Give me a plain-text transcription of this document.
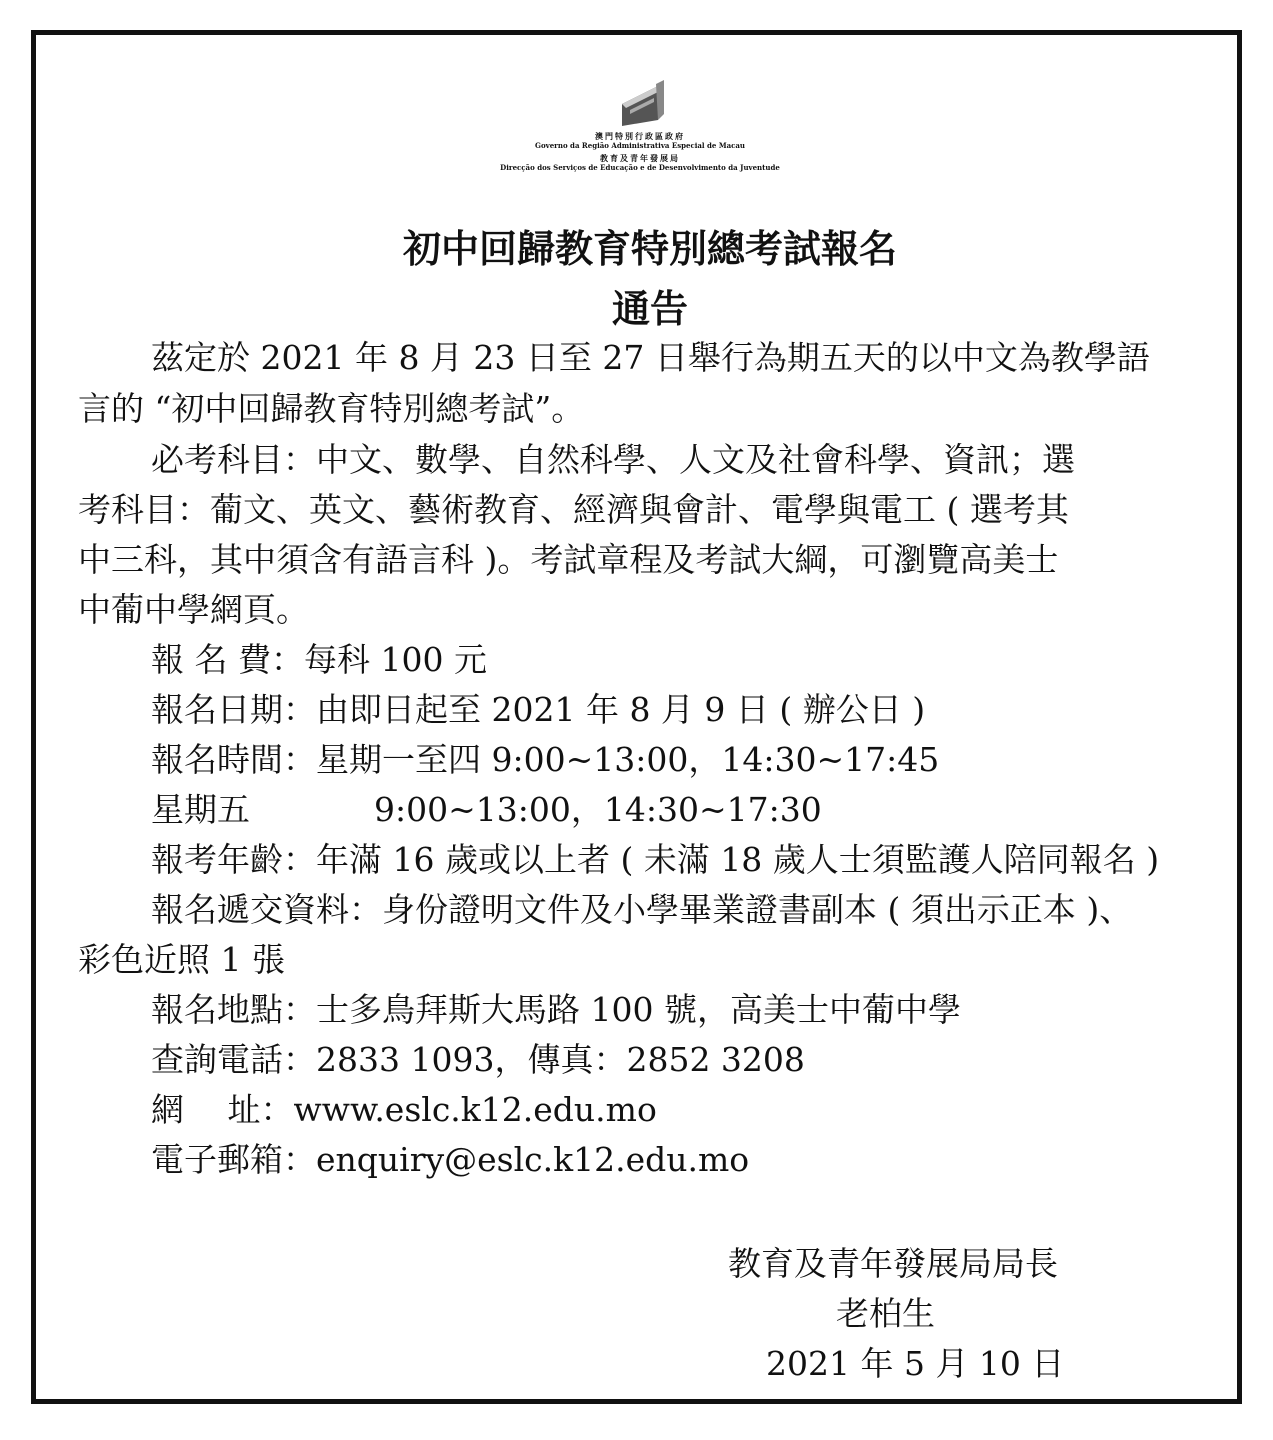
澳門特別行政區政府
Governo da Região Administrativa Especial de Macau
教育及青年發展局
Direcção dos Serviços de Educação e de Desenvolvimento da Juventude
初中回歸教育特別總考試報名
通告
茲定於 2021 年 8 月 23 日至 27 日舉行為期五天的以中文為教學語
言的 “初中回歸教育特別總考試”。
必考科目：中文、數學、自然科學、人文及社會科學、資訊；選
考科目：葡文、英文、藝術教育、經濟與會計、電學與電工 ( 選考其
中三科，其中須含有語言科 )。考試章程及考試大綱，可瀏覽高美士
中葡中學網頁。
報 名 費：每科 100 元
報名日期：由即日起至 2021 年 8 月 9 日 ( 辦公日 )
報名時間：星期一至四 9:00~13:00，14:30~17:45
星期五	9:00~13:00，14:30~17:30
報考年齡：年滿 16 歲或以上者 ( 未滿 18 歲人士須監護人陪同報名 )
報名遞交資料：身份證明文件及小學畢業證書副本 ( 須出示正本 )、
彩色近照 1 張
報名地點：士多鳥拜斯大馬路 100 號，高美士中葡中學
查詢電話：2833 1093，傳真：2852 3208
網　 址：www.eslc.k12.edu.mo
電子郵箱：enquiry@eslc.k12.edu.mo
教育及青年發展局局長
老柏生
2021 年 5 月 10 日
